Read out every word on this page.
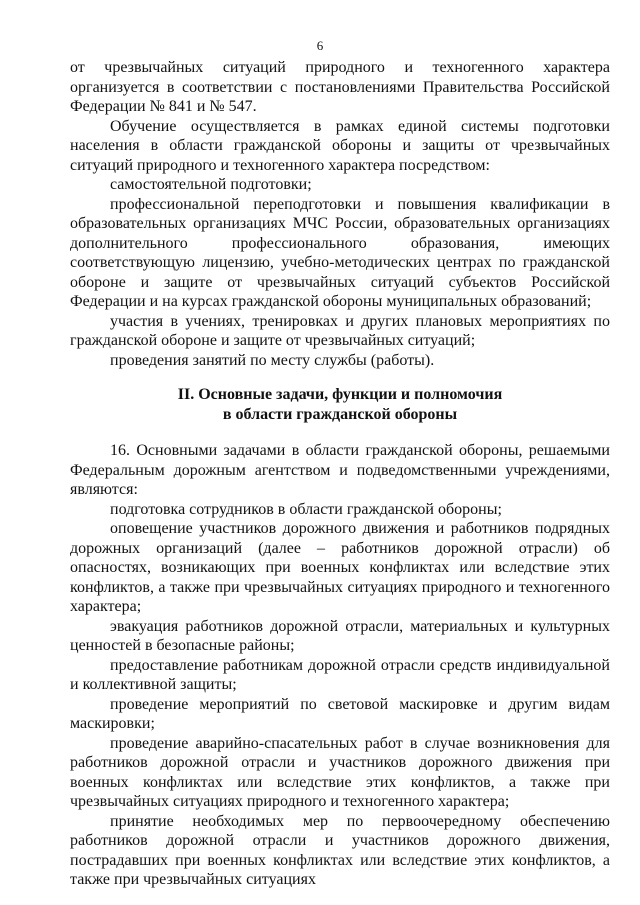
6

от чрезвычайных ситуаций природного и техногенного характера организуется в соответствии с постановлениями Правительства Российской Федерации № 841 и № 547.

Обучение осуществляется в рамках единой системы подготовки населения в области гражданской обороны и защиты от чрезвычайных ситуаций природного и техногенного характера посредством:

самостоятельной подготовки;

профессиональной переподготовки и повышения квалификации в образовательных организациях МЧС России, образовательных организациях дополнительного профессионального образования, имеющих соответствующую лицензию, учебно-методических центрах по гражданской обороне и защите от чрезвычайных ситуаций субъектов Российской Федерации и на курсах гражданской обороны муниципальных образований;

участия в учениях, тренировках и других плановых мероприятиях по гражданской обороне и защите от чрезвычайных ситуаций;

проведения занятий по месту службы (работы).

II. Основные задачи, функции и полномочия
в области гражданской обороны

16. Основными задачами в области гражданской обороны, решаемыми Федеральным дорожным агентством и подведомственными учреждениями, являются:

подготовка сотрудников в области гражданской обороны;

оповещение участников дорожного движения и работников подрядных дорожных организаций (далее – работников дорожной отрасли) об опасностях, возникающих при военных конфликтах или вследствие этих конфликтов, а также при чрезвычайных ситуациях природного и техногенного характера;

эвакуация работников дорожной отрасли, материальных и культурных ценностей в безопасные районы;

предоставление работникам дорожной отрасли средств индивидуальной и коллективной защиты;

проведение мероприятий по световой маскировке и другим видам маскировки;

проведение аварийно-спасательных работ в случае возникновения для работников дорожной отрасли и участников дорожного движения при военных конфликтах или вследствие этих конфликтов, а также при чрезвычайных ситуациях природного и техногенного характера;

принятие необходимых мер по первоочередному обеспечению работников дорожной отрасли и участников дорожного движения, пострадавших при военных конфликтах или вследствие этих конфликтов, а также при чрезвычайных ситуациях
